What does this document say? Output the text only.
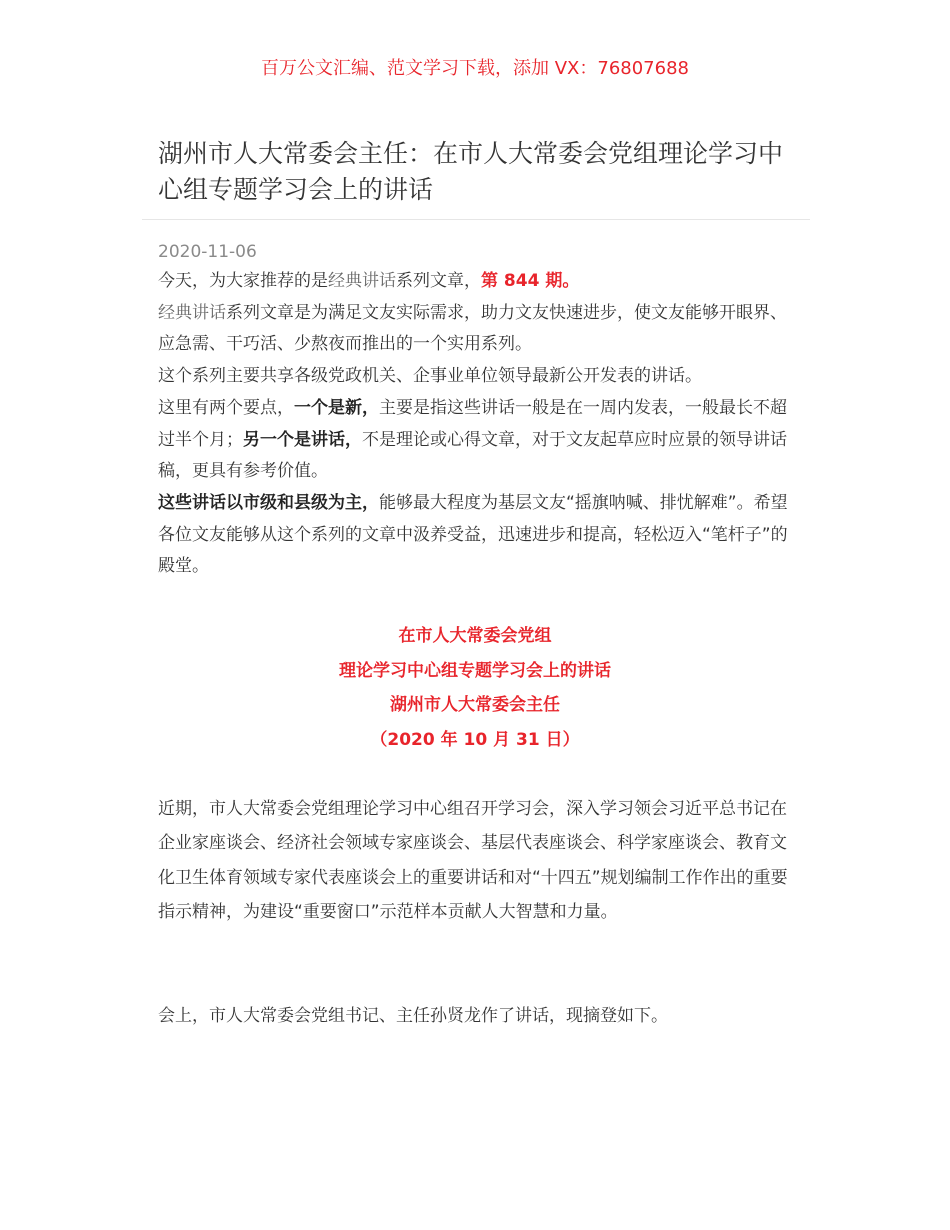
百万公文汇编、范文学习下载，添加 VX：76807688
湖州市人大常委会主任：在市人大常委会党组理论学习中心组专题学习会上的讲话
2020-11-06

今天，为大家推荐的是经典讲话系列文章，第 844 期。

经典讲话系列文章是为满足文友实际需求，助力文友快速进步，使文友能够开眼界、应急需、干巧活、少熬夜而推出的一个实用系列。

这个系列主要共享各级党政机关、企事业单位领导最新公开发表的讲话。

这里有两个要点，一个是新，主要是指这些讲话一般是在一周内发表，一般最长不超过半个月；另一个是讲话，不是理论或心得文章，对于文友起草应时应景的领导讲话稿，更具有参考价值。

这些讲话以市级和县级为主，能够最大程度为基层文友“摇旗呐喊、排忧解难”。希望各位文友能够从这个系列的文章中汲养受益，迅速进步和提高，轻松迈入“笔杆子”的殿堂。

在市人大常委会党组
理论学习中心组专题学习会上的讲话
湖州市人大常委会主任
（2020 年 10 月 31 日）

近期，市人大常委会党组理论学习中心组召开学习会，深入学习领会习近平总书记在企业家座谈会、经济社会领域专家座谈会、基层代表座谈会、科学家座谈会、教育文化卫生体育领域专家代表座谈会上的重要讲话和对“十四五”规划编制工作作出的重要指示精神，为建设“重要窗口”示范样本贡献人大智慧和力量。

会上，市人大常委会党组书记、主任孙贤龙作了讲话，现摘登如下。
